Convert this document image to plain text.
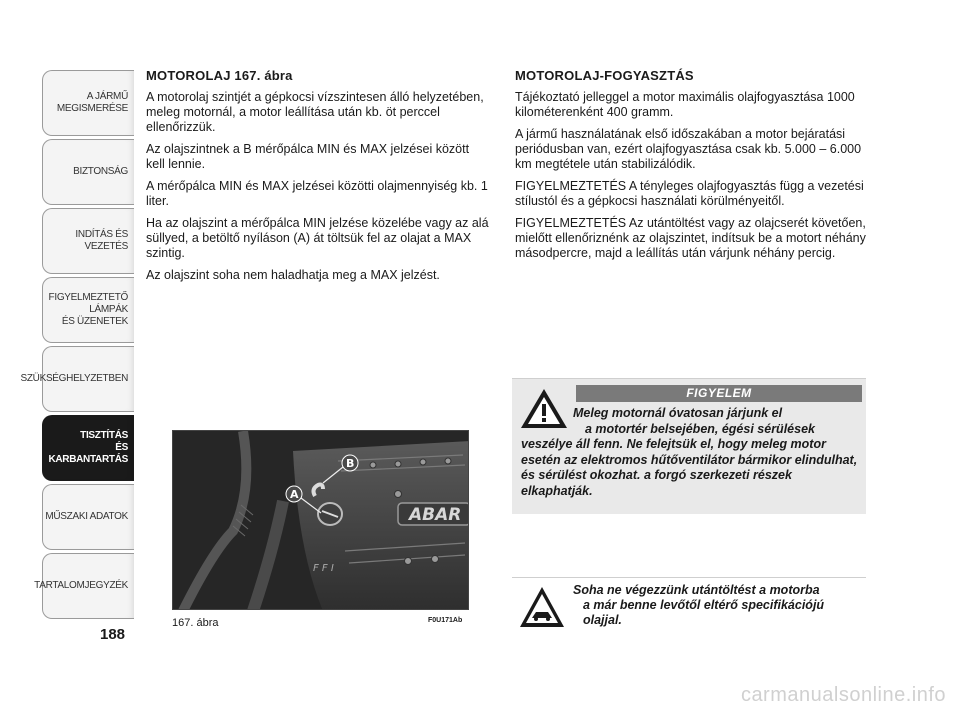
A JÁRMŰ
MEGISMERÉSE
BIZTONSÁG
INDÍTÁS ÉS VEZETÉS
FIGYELMEZTETŐ
LÁMPÁK
ÉS ÜZENETEK
SZÜKSÉGHELYZETBEN
TISZTÍTÁS
ÉS KARBANTARTÁS
MŰSZAKI ADATOK
TARTALOMJEGYZÉK
188
MOTOROLAJ 167. ábra

A motorolaj szintjét a gépkocsi vízszintesen álló helyzetében, meleg motornál, a motor leállítása után kb. öt perccel ellenőrizzük.

Az olajszintnek a B mérőpálca MIN és MAX jelzései között kell lennie.

A mérőpálca MIN és MAX jelzései közötti olajmennyiség kb. 1 liter.

Ha az olajszint a mérőpálca MIN jelzése közelébe vagy az alá süllyed, a betöltő nyíláson (A) át töltsük fel az olajat a MAX szintig.

Az olajszint soha nem haladhatja meg a MAX jelzést.

MOTOROLAJ-FOGYASZTÁS

Tájékoztató jelleggel a motor maximális olajfogyasztása 1000 kilométerenként 400 gramm.

A jármű használatának első időszakában a motor bejáratási periódusban van, ezért olajfogyasztása csak kb. 5.000 – 6.000 km megtétele után stabilizálódik.

FIGYELMEZTETÉS A tényleges olajfogyasztás függ a vezetési stílustól és a gépkocsi használati körülményeitől.

FIGYELMEZTETÉS Az utántöltést vagy az olajcserét követően, mielőtt ellenőriznénk az olajszintet, indítsuk be a motort néhány másodpercre, majd a leállítás után várjunk néhány percig.

ABAR
F F I
A
B
167. ábra	F0U171Ab
FIGYELEM
Meleg motornál óvatosan járjunk el
a motortér belsejében, égési sérülések
veszélye áll fenn. Ne felejtsük el, hogy meleg motor esetén az elektromos hűtőventilátor bármikor elindulhat, és sérülést okozhat. a forgó szerkezeti részek elkaphatják.
Soha ne végezzünk utántöltést a motorba
a már benne levőtől eltérő specifikációjú
olajjal.
carmanualsonline.info
